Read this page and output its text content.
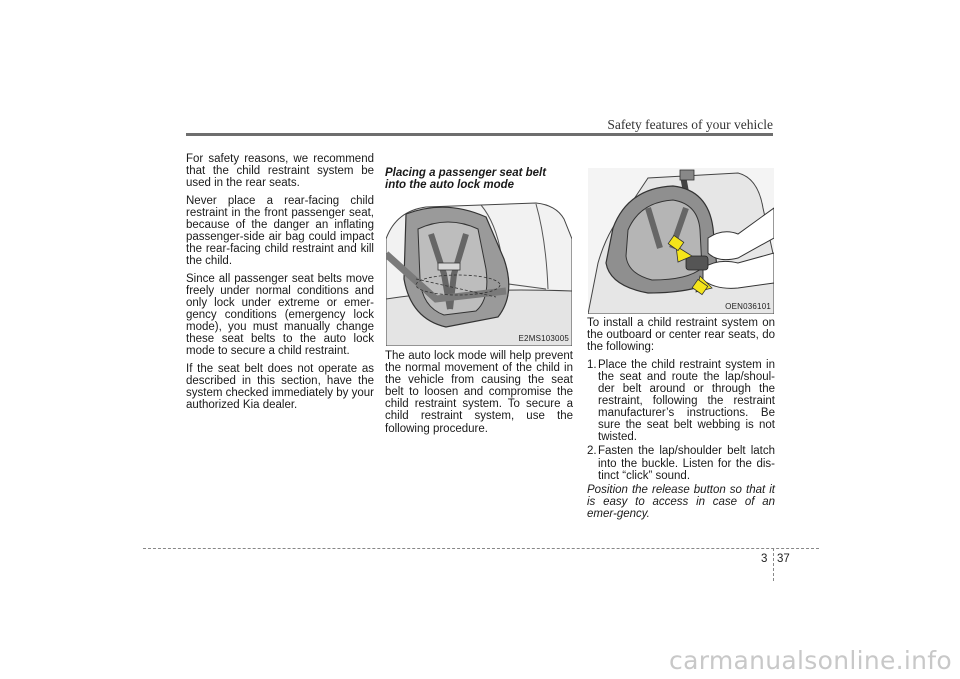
Safety features of your vehicle

For safety reasons, we recommend that the child restraint system be used in the rear seats.

Never place a rear-facing child restraint in the front passenger seat, because of the danger an inflating passenger-side air bag could impact the rear-facing child restraint and kill the child.

Since all passenger seat belts move freely under normal conditions and only lock under extreme or emer-gency conditions (emergency lock mode), you must manually change these seat belts to the auto lock mode to secure a child restraint.

If the seat belt does not operate as described in this section, have the system checked immediately by your authorized Kia dealer.

Placing a passenger seat belt
into the auto lock mode
E2MS103005

The auto lock mode will help prevent the normal movement of the child in the vehicle from causing the seat belt to loosen and compromise the child restraint system. To secure a child restraint system, use the following procedure.

OEN036101

To install a child restraint system on the outboard or center rear seats, do the following:

1. Place the child restraint system in the seat and route the lap/shoul-der belt around or through the restraint, following the restraint manufacturer’s instructions. Be sure the seat belt webbing is not twisted.
2. Fasten the lap/shoulder belt latch into the buckle. Listen for the dis-tinct “click” sound.

Position the release button so that it is easy to access in case of an emer-gency.

3 37
carmanualsonline.info
